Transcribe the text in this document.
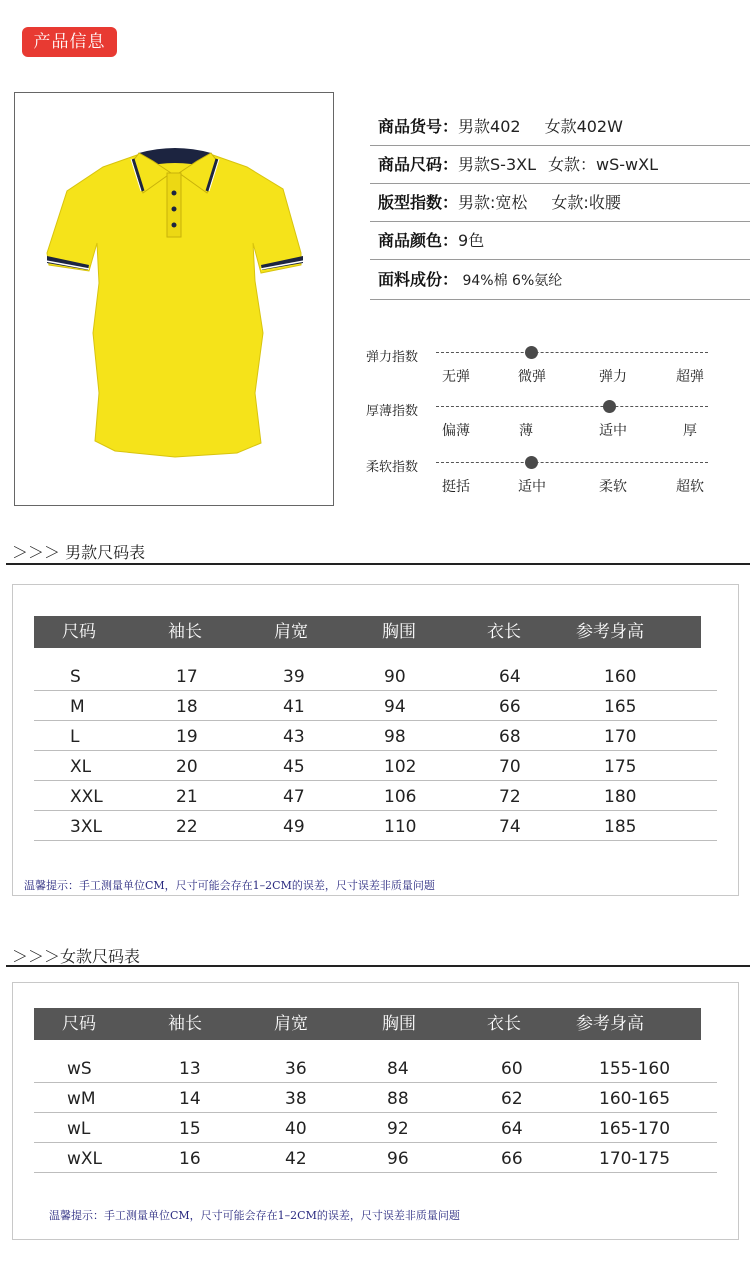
产品信息
商品货号：男款402 女款402W
商品尺码：男款S-3XL 女款：wS-wXL
版型指数：男款:宽松 女款:收腰
商品颜色：9色
面料成份： 94%棉 6%氨纶
弹力指数
无弹	微弹	弹力	超弹
厚薄指数
偏薄	薄	适中	厚
柔软指数
挺括	适中	柔软	超软
＞＞＞ 男款尺码表
尺码	袖长	肩宽	胸围	衣长	参考身高
S	17	39	90	64	160
M	18	41	94	66	165
L	19	43	98	68	170
XL	20	45	102	70	175
XXL	21	47	106	72	180
3XL	22	49	110	74	185
温馨提示：手工测量单位CM，尺寸可能会存在1–2CM的误差，尺寸误差非质量问题
＞＞＞女款尺码表
尺码	袖长	肩宽	胸围	衣长	参考身高
wS	13	36	84	60	155-160
wM	14	38	88	62	160-165
wL	15	40	92	64	165-170
wXL	16	42	96	66	170-175
温馨提示：手工测量单位CM，尺寸可能会存在1–2CM的误差，尺寸误差非质量问题
